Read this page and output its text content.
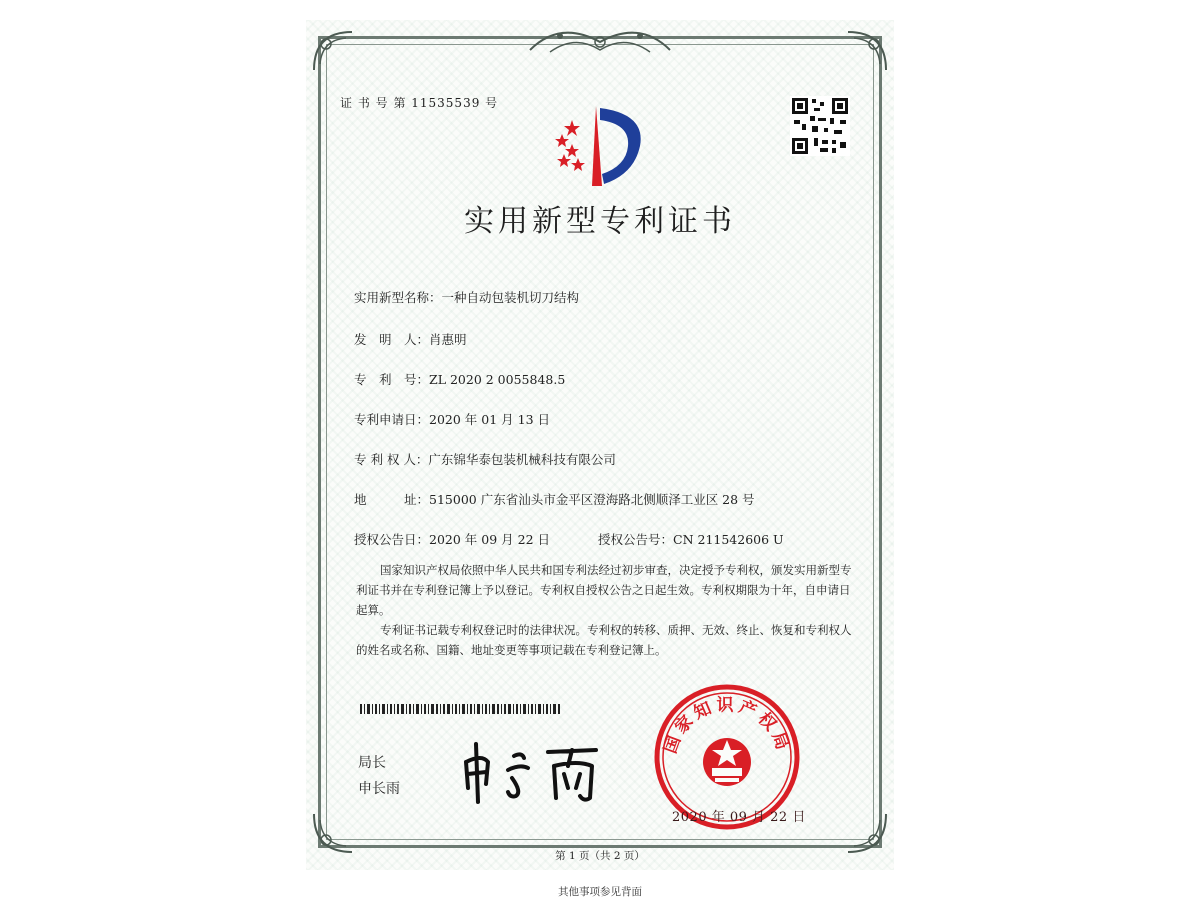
证 书 号 第 11535539 号
实用新型专利证书
实用新型名称：一种自动包装机切刀结构
发　明　人：肖惠明
专　利　号：ZL 2020 2 0055848.5
专利申请日：2020 年 01 月 13 日
专 利 权 人：广东锦华泰包装机械科技有限公司
地　　　址：515000 广东省汕头市金平区澄海路北侧顺泽工业区 28 号
授权公告日：2020 年 09 月 22 日	授权公告号：CN 211542606 U
国家知识产权局依照中华人民共和国专利法经过初步审查，决定授予专利权，颁发实用新型专利证书并在专利登记簿上予以登记。专利权自授权公告之日起生效。专利权期限为十年，自申请日起算。
专利证书记载专利权登记时的法律状况。专利权的转移、质押、无效、终止、恢复和专利权人的姓名或名称、国籍、地址变更等事项记载在专利登记簿上。
局长
申长雨
国家知识产权局
2020 年 09 月 22 日
第 1 页（共 2 页）
其他事项参见背面
